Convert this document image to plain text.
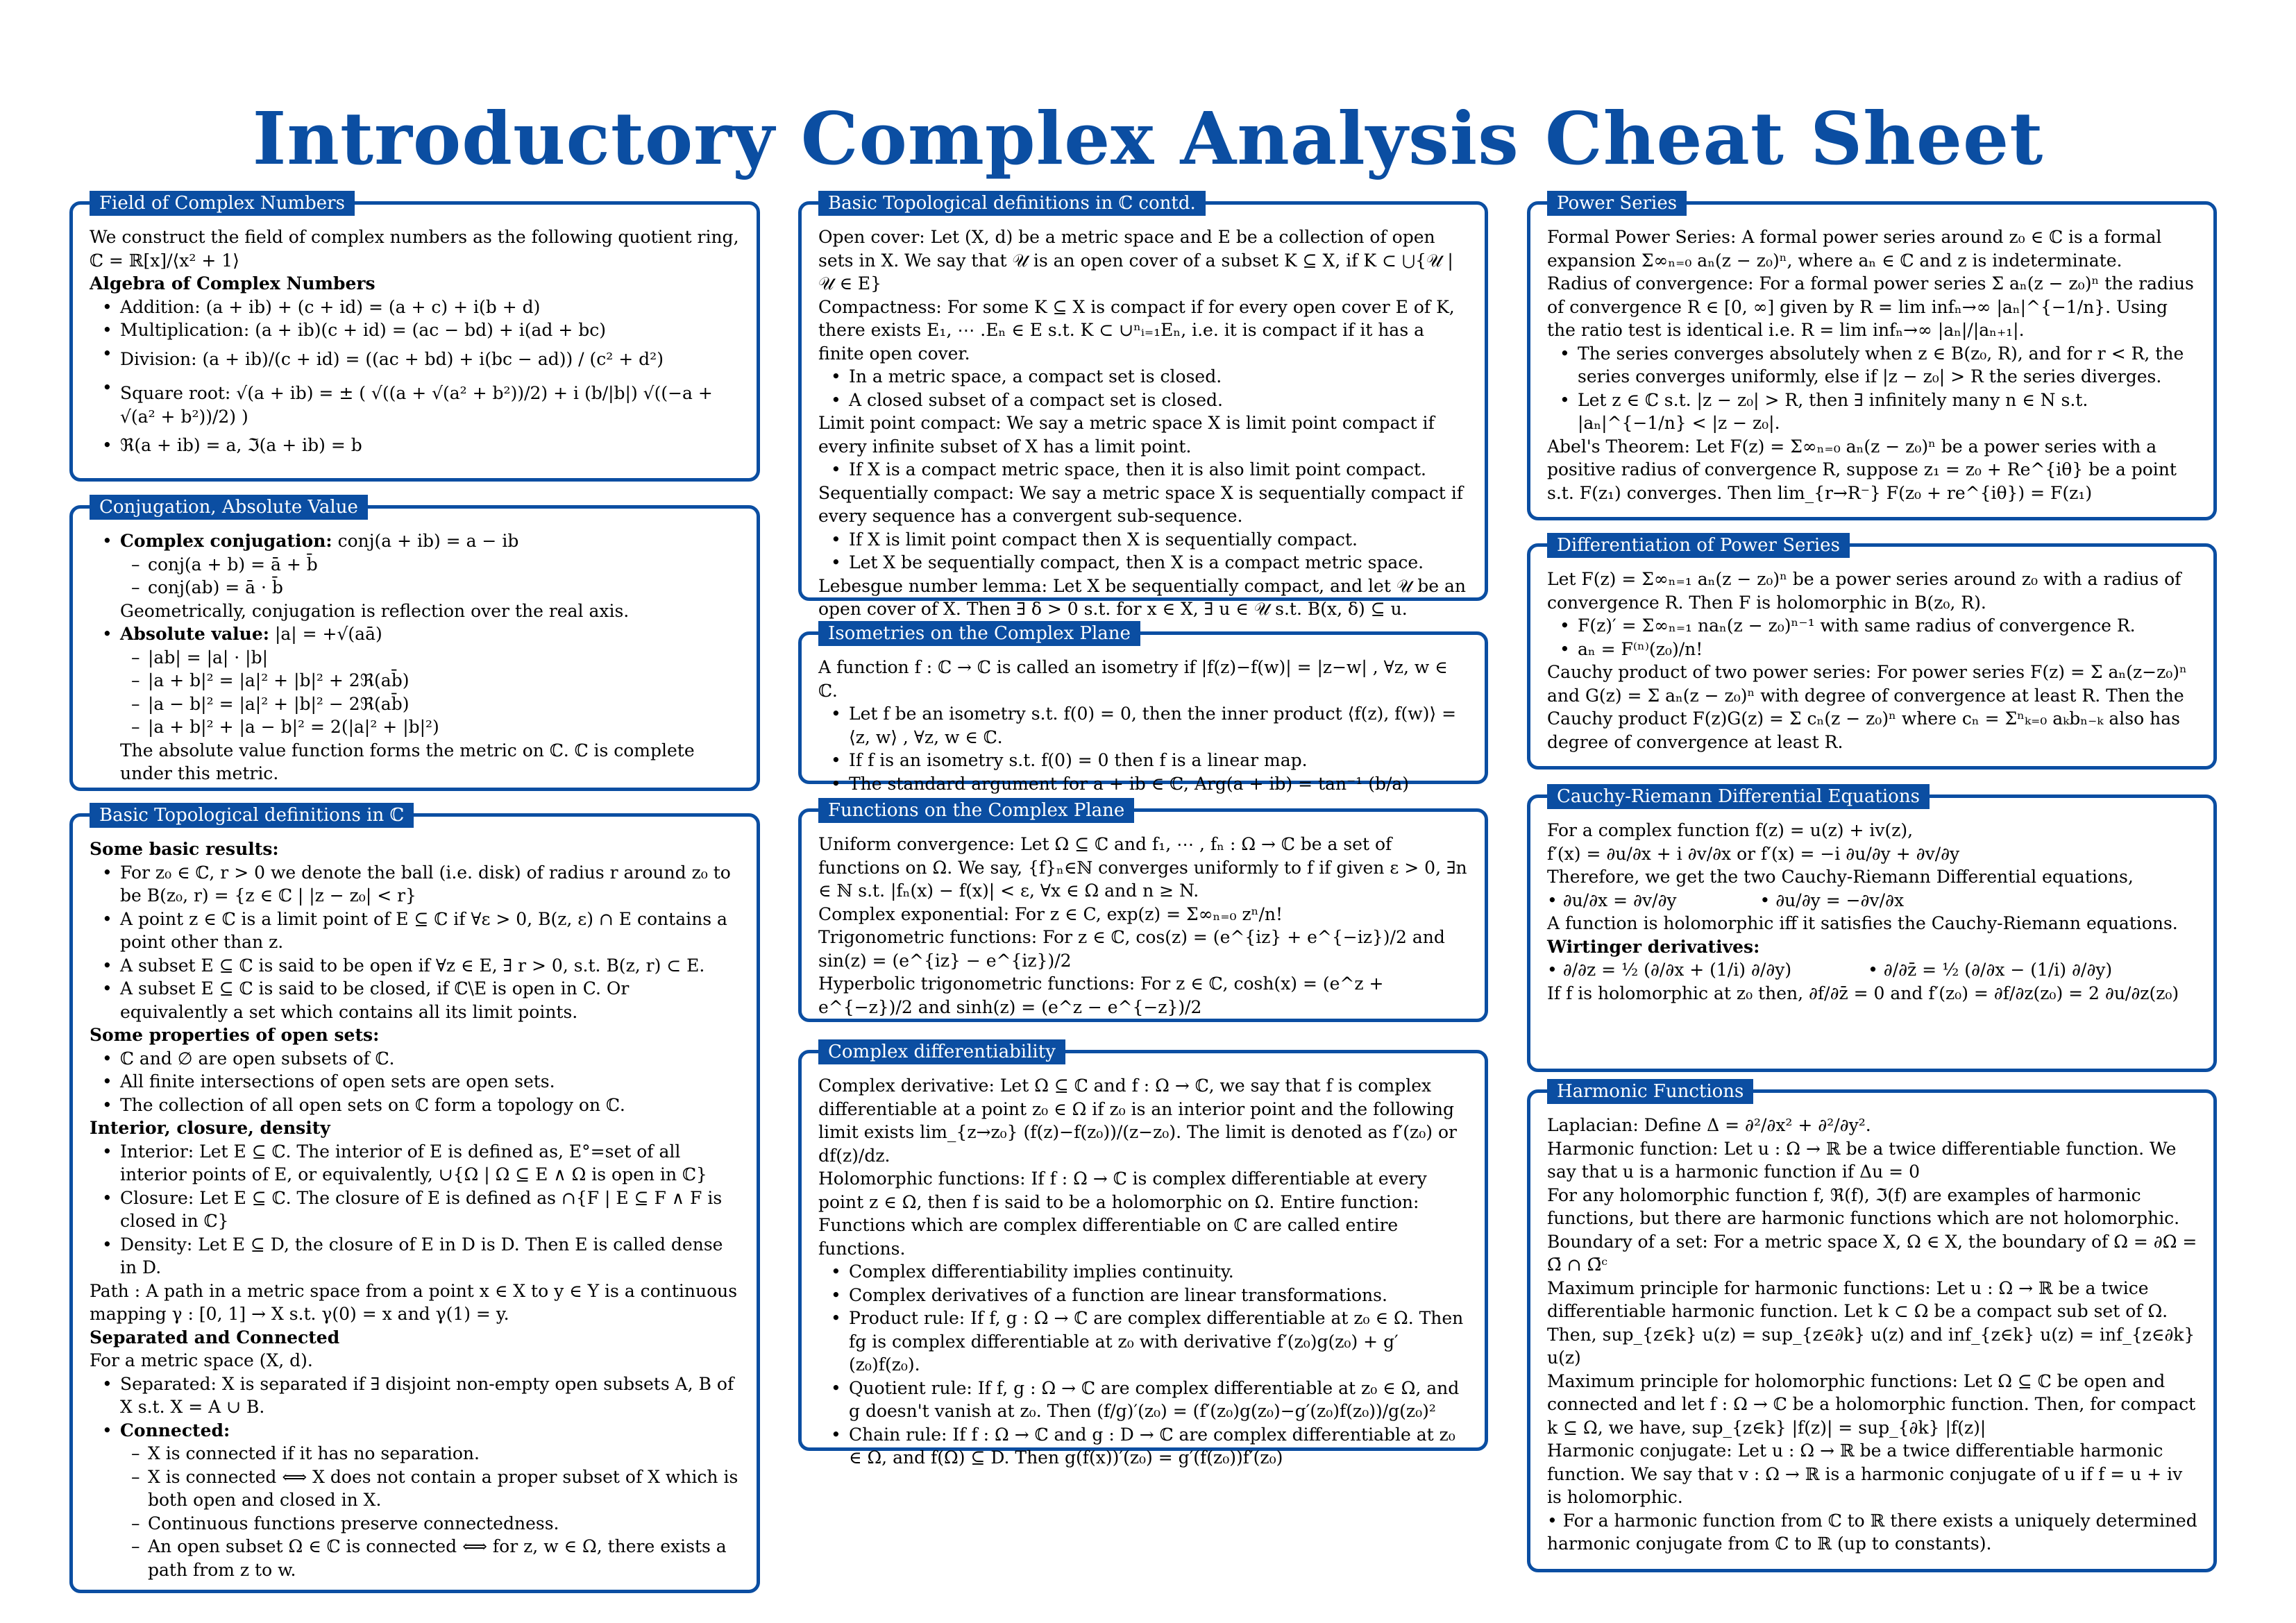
Introductory Complex Analysis Cheat Sheet
Field of Complex Numbers

We construct the field of complex numbers as the following quotient ring, ℂ = ℝ[x]/⟨x² + 1⟩

Algebra of Complex Numbers

• Addition: (a + ib) + (c + id) = (a + c) + i(b + d)
• Multiplication: (a + ib)(c + id) = (ac − bd) + i(ad + bc)
• Division: (a + ib)/(c + id) = ((ac + bd) + i(bc − ad)) / (c² + d²)
• Square root: √(a + ib) = ± ( √((a + √(a² + b²))/2) + i (b/|b|) √((−a + √(a² + b²))/2) )
• ℜ(a + ib) = a, ℑ(a + ib) = b
Conjugation, Absolute Value
• Complex conjugation: conj(a + ib) = a − ib
– conj(a + b) = ā + b̄
– conj(ab) = ā · b̄

Geometrically, conjugation is reflection over the real axis.

• Absolute value: |a| = +√(aā)
– |ab| = |a| · |b|
– |a + b|² = |a|² + |b|² + 2ℜ(ab̄)
– |a − b|² = |a|² + |b|² − 2ℜ(ab̄)
– |a + b|² + |a − b|² = 2(|a|² + |b|²)

The absolute value function forms the metric on ℂ. ℂ is complete under this metric.

Basic Topological definitions in ℂ

Some basic results:

• For z₀ ∈ ℂ, r > 0 we denote the ball (i.e. disk) of radius r around z₀ to be B(z₀, r) = {z ∈ ℂ | |z − z₀| < r}
• A point z ∈ ℂ is a limit point of E ⊆ ℂ if ∀ε > 0, B(z, ε) ∩ E contains a point other than z.
• A subset E ⊆ ℂ is said to be open if ∀z ∈ E, ∃ r > 0, s.t. B(z, r) ⊂ E.
• A subset E ⊆ ℂ is said to be closed, if ℂ\E is open in C. Or equivalently a set which contains all its limit points.

Some properties of open sets:

• ℂ and ∅ are open subsets of ℂ.
• All finite intersections of open sets are open sets.
• The collection of all open sets on ℂ form a topology on ℂ.

Interior, closure, density

• Interior: Let E ⊆ ℂ. The interior of E is defined as, E°=set of all interior points of E, or equivalently, ∪{Ω | Ω ⊆ E ∧ Ω is open in ℂ}
• Closure: Let E ⊆ ℂ. The closure of E is defined as ∩{F | E ⊆ F ∧ F is closed in ℂ}
• Density: Let E ⊆ D, the closure of E in D is D. Then E is called dense in D.

Path : A path in a metric space from a point x ∈ X to y ∈ Y is a continuous mapping γ : [0, 1] → X s.t. γ(0) = x and γ(1) = y.

Separated and Connected

For a metric space (X, d).

• Separated: X is separated if ∃ disjoint non-empty open subsets A, B of X s.t. X = A ∪ B.
• Connected:
– X is connected if it has no separation.
– X is connected ⟺ X does not contain a proper subset of X which is both open and closed in X.
– Continuous functions preserve connectedness.
– An open subset Ω ∈ ℂ is connected ⟺ for z, w ∈ Ω, there exists a path from z to w.
Basic Topological definitions in ℂ contd.

Open cover: Let (X, d) be a metric space and E be a collection of open sets in X. We say that 𝒰 is an open cover of a subset K ⊆ X, if K ⊂ ⋃{𝒰 | 𝒰 ∈ E}

Compactness: For some K ⊆ X is compact if for every open cover E of K, there exists E₁, ⋯ .Eₙ ∈ E s.t. K ⊂ ∪ⁿᵢ₌₁Eₙ, i.e. it is compact if it has a finite open cover.

• In a metric space, a compact set is closed.
• A closed subset of a compact set is closed.

Limit point compact: We say a metric space X is limit point compact if every infinite subset of X has a limit point.

• If X is a compact metric space, then it is also limit point compact.

Sequentially compact: We say a metric space X is sequentially compact if every sequence has a convergent sub-sequence.

• If X is limit point compact then X is sequentially compact.
• Let X be sequentially compact, then X is a compact metric space.

Lebesgue number lemma: Let X be sequentially compact, and let 𝒰 be an open cover of X. Then ∃ δ > 0 s.t. for x ∈ X, ∃ u ∈ 𝒰 s.t. B(x, δ) ⊆ u.

Isometries on the Complex Plane

A function f : ℂ → ℂ is called an isometry if |f(z)−f(w)| = |z−w| , ∀z, w ∈ ℂ.

• Let f be an isometry s.t. f(0) = 0, then the inner product ⟨f(z), f(w)⟩ = ⟨z, w⟩ , ∀z, w ∈ ℂ.
• If f is an isometry s.t. f(0) = 0 then f is a linear map.
• The standard argument for a + ib ∈ ℂ, Arg(a + ib) = tan⁻¹ (b/a)
Functions on the Complex Plane

Uniform convergence: Let Ω ⊆ ℂ and f₁, ⋯ , fₙ : Ω → ℂ be a set of functions on Ω. We say, {f}ₙ∈ℕ converges uniformly to f if given ε > 0, ∃n ∈ ℕ s.t. |fₙ(x) − f(x)| < ε, ∀x ∈ Ω and n ≥ N.

Complex exponential: For z ∈ C, exp(z) = Σ∞ₙ₌₀ zⁿ/n!

Trigonometric functions: For z ∈ ℂ, cos(z) = (e^{iz} + e^{−iz})/2 and sin(z) = (e^{iz} − e^{iz})/2

Hyperbolic trigonometric functions: For z ∈ ℂ, cosh(x) = (e^z + e^{−z})/2 and sinh(z) = (e^z − e^{−z})/2

Complex differentiability

Complex derivative: Let Ω ⊆ ℂ and f : Ω → ℂ, we say that f is complex differentiable at a point z₀ ∈ Ω if z₀ is an interior point and the following limit exists lim_{z→z₀} (f(z)−f(z₀))/(z−z₀). The limit is denoted as f′(z₀) or df(z)/dz.

Holomorphic functions: If f : Ω → ℂ is complex differentiable at every point z ∈ Ω, then f is said to be a holomorphic on Ω. Entire function: Functions which are complex differentiable on ℂ are called entire functions.

• Complex differentiability implies continuity.
• Complex derivatives of a function are linear transformations.
• Product rule: If f, g : Ω → ℂ are complex differentiable at z₀ ∈ Ω. Then fg is complex differentiable at z₀ with derivative f′(z₀)g(z₀) + g′(z₀)f(z₀).
• Quotient rule: If f, g : Ω → ℂ are complex differentiable at z₀ ∈ Ω, and g doesn't vanish at z₀. Then (f/g)′(z₀) = (f′(z₀)g(z₀)−g′(z₀)f(z₀))/g(z₀)²
• Chain rule: If f : Ω → ℂ and g : D → ℂ are complex differentiable at z₀ ∈ Ω, and f(Ω) ⊆ D. Then g(f(x))′(z₀) = g′(f(z₀))f′(z₀)
Power Series

Formal Power Series: A formal power series around z₀ ∈ ℂ is a formal expansion Σ∞ₙ₌₀ aₙ(z − z₀)ⁿ, where aₙ ∈ ℂ and z is indeterminate.

Radius of convergence: For a formal power series Σ aₙ(z − z₀)ⁿ the radius of convergence R ∈ [0, ∞] given by R = lim infₙ→∞ |aₙ|^{−1/n}. Using the ratio test is identical i.e. R = lim infₙ→∞ |aₙ|/|aₙ₊₁|.

• The series converges absolutely when z ∈ B(z₀, R), and for r < R, the series converges uniformly, else if |z − z₀| > R the series diverges.
• Let z ∈ ℂ s.t. |z − z₀| > R, then ∃ infinitely many n ∈ N s.t. |aₙ|^{−1/n} < |z − z₀|.

Abel's Theorem: Let F(z) = Σ∞ₙ₌₀ aₙ(z − z₀)ⁿ be a power series with a positive radius of convergence R, suppose z₁ = z₀ + Re^{iθ} be a point s.t. F(z₁) converges. Then lim_{r→R⁻} F(z₀ + re^{iθ}) = F(z₁)

Differentiation of Power Series

Let F(z) = Σ∞ₙ₌₁ aₙ(z − z₀)ⁿ be a power series around z₀ with a radius of convergence R. Then F is holomorphic in B(z₀, R).

• F(z)′ = Σ∞ₙ₌₁ naₙ(z − z₀)ⁿ⁻¹ with same radius of convergence R.
• aₙ = F⁽ⁿ⁾(z₀)/n!

Cauchy product of two power series: For power series F(z) = Σ aₙ(z−z₀)ⁿ and G(z) = Σ aₙ(z − z₀)ⁿ with degree of convergence at least R. Then the Cauchy product F(z)G(z) = Σ cₙ(z − z₀)ⁿ where cₙ = Σⁿₖ₌₀ aₖbₙ₋ₖ also has degree of convergence at least R.

Cauchy-Riemann Differential Equations

For a complex function f(z) = u(z) + iv(z),

f′(x) = ∂u/∂x + i ∂v/∂x or f′(x) = −i ∂u/∂y + ∂v/∂y

Therefore, we get the two Cauchy-Riemann Differential equations,

• ∂u/∂x = ∂v/∂y	• ∂u/∂y = −∂v/∂x

A function is holomorphic iff it satisfies the Cauchy-Riemann equations.

Wirtinger derivatives:

• ∂/∂z = ½ (∂/∂x + (1/i) ∂/∂y)	• ∂/∂z̄ = ½ (∂/∂x − (1/i) ∂/∂y)

If f is holomorphic at z₀ then, ∂f/∂z̄ = 0 and f′(z₀) = ∂f/∂z(z₀) = 2 ∂u/∂z(z₀)

Harmonic Functions

Laplacian: Define Δ = ∂²/∂x² + ∂²/∂y².

Harmonic function: Let u : Ω → ℝ be a twice differentiable function. We say that u is a harmonic function if Δu = 0

For any holomorphic function f, ℜ(f), ℑ(f) are examples of harmonic functions, but there are harmonic functions which are not holomorphic.

Boundary of a set: For a metric space X, Ω ∈ X, the boundary of Ω = ∂Ω = Ω̄ ∩ Ω̄ᶜ

Maximum principle for harmonic functions: Let u : Ω → ℝ be a twice differentiable harmonic function. Let k ⊂ Ω be a compact sub set of Ω. Then, sup_{z∈k} u(z) = sup_{z∈∂k} u(z) and inf_{z∈k} u(z) = inf_{z∈∂k} u(z)

Maximum principle for holomorphic functions: Let Ω ⊆ ℂ be open and connected and let f : Ω → ℂ be a holomorphic function. Then, for compact k ⊆ Ω, we have, sup_{z∈k} |f(z)| = sup_{∂k} |f(z)|

Harmonic conjugate: Let u : Ω → ℝ be a twice differentiable harmonic function. We say that v : Ω → ℝ is a harmonic conjugate of u if f = u + iv is holomorphic.

• For a harmonic function from ℂ to ℝ there exists a uniquely determined harmonic conjugate from ℂ to ℝ (up to constants).
